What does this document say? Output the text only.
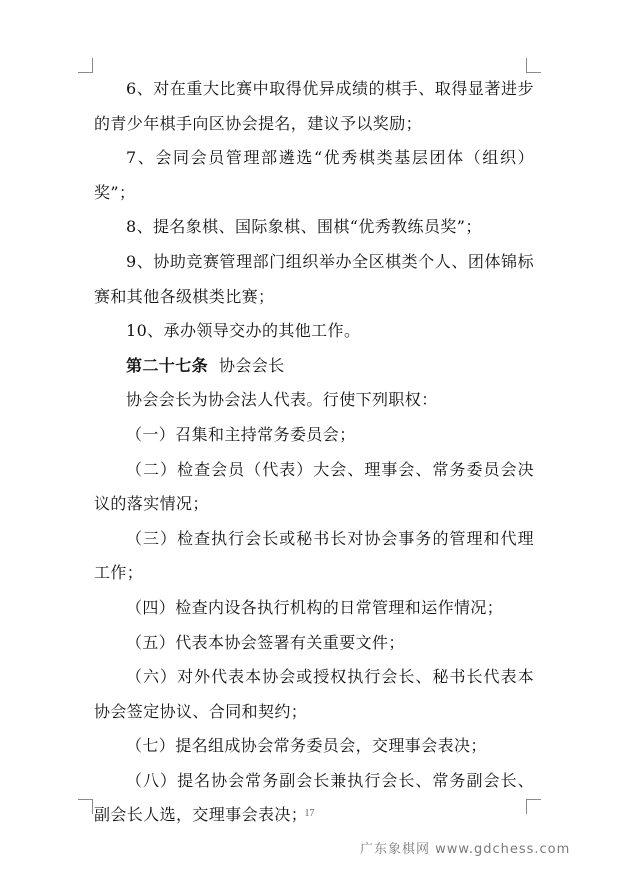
6、对在重大比赛中取得优异成绩的棋手、取得显著进步的青少年棋手向区协会提名，建议予以奖励；

7、会同会员管理部遴选“优秀棋类基层团体（组织）奖”；

8、提名象棋、国际象棋、围棋“优秀教练员奖”；

9、协助竞赛管理部门组织举办全区棋类个人、团体锦标赛和其他各级棋类比赛；

10、承办领导交办的其他工作。

第二十七条 协会会长

协会会长为协会法人代表。行使下列职权：

（一）召集和主持常务委员会；

（二）检查会员（代表）大会、理事会、常务委员会决议的落实情况；

（三）检查执行会长或秘书长对协会事务的管理和代理工作；

（四）检查内设各执行机构的日常管理和运作情况；

（五）代表本协会签署有关重要文件；

（六）对外代表本协会或授权执行会长、秘书长代表本协会签定协议、合同和契约；

（七）提名组成协会常务委员会，交理事会表决；

（八）提名协会常务副会长兼执行会长、常务副会长、副会长人选，交理事会表决；

17
广东象棋网 www.gdchess.com
